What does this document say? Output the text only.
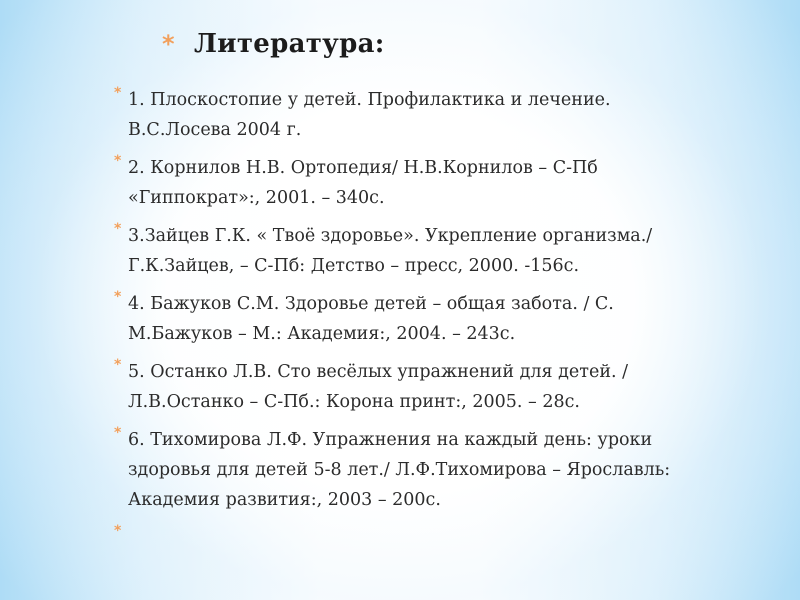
* Литература:
* 1. Плоскостопие у детей. Профилактика и лечение. В.С.Лосева 2004 г.
* 2. Корнилов Н.В. Ортопедия/ Н.В.Корнилов – С-Пб «Гиппократ»:, 2001. – 340с.
* 3.Зайцев Г.К. « Твоё здоровье». Укрепление организма./ Г.К.Зайцев, – С-Пб: Детство – пресс, 2000. -156с.
* 4. Бажуков С.М. Здоровье детей – общая забота. / С. М.Бажуков – М.: Академия:, 2004. – 243с.
* 5. Останко Л.В. Сто весёлых упражнений для детей. / Л.В.Останко – С-Пб.: Корона принт:, 2005. – 28с.
* 6. Тихомирова Л.Ф. Упражнения на каждый день: уроки здоровья для детей 5-8 лет./ Л.Ф.Тихомирова – Ярославль: Академия развития:, 2003 – 200с.
*
